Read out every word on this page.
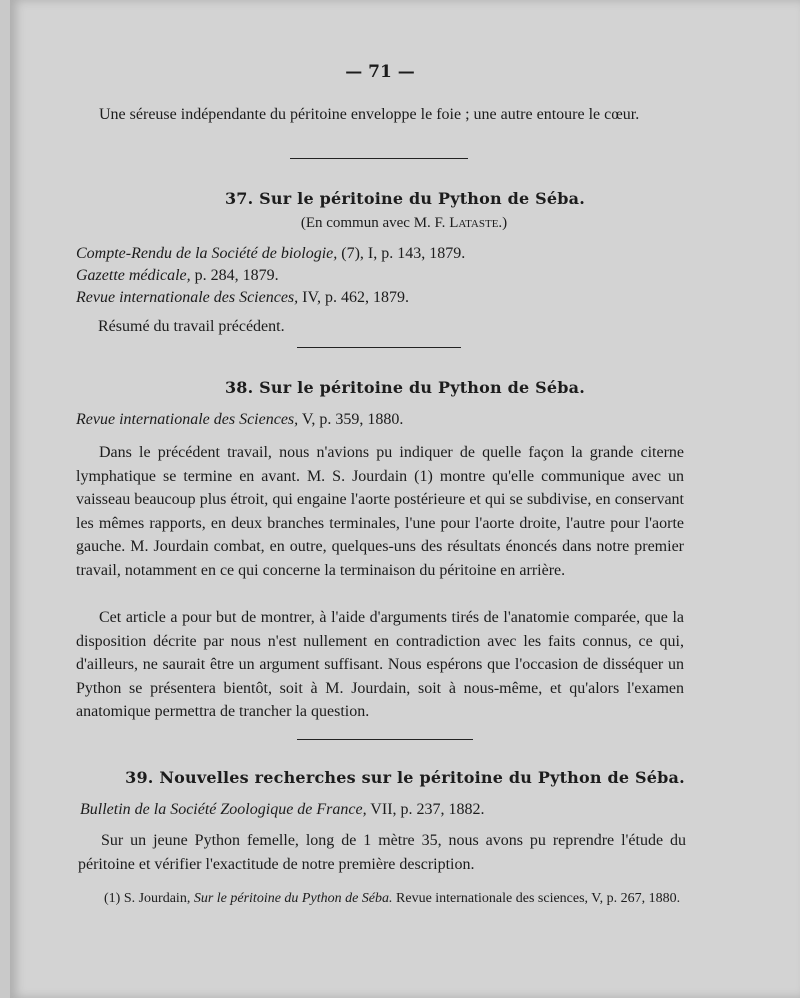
— 71 —

Une séreuse indépendante du péritoine enveloppe le foie ; une autre entoure le cœur.

37. Sur le péritoine du Python de Séba.
(En commun avec M. F. Lataste.)
Compte-Rendu de la Société de biologie, (7), I, p. 143, 1879.
Gazette médicale, p. 284, 1879.
Revue internationale des Sciences, IV, p. 462, 1879.
Résumé du travail précédent.
38. Sur le péritoine du Python de Séba.
Revue internationale des Sciences, V, p. 359, 1880.

Dans le précédent travail, nous n'avions pu indiquer de quelle façon la grande citerne lymphatique se termine en avant. M. S. Jourdain (1) montre qu'elle communique avec un vaisseau beaucoup plus étroit, qui engaine l'aorte postérieure et qui se subdivise, en conservant les mêmes rapports, en deux branches terminales, l'une pour l'aorte droite, l'autre pour l'aorte gauche. M. Jourdain combat, en outre, quelques-uns des résultats énoncés dans notre premier travail, notamment en ce qui concerne la terminaison du péritoine en arrière.

Cet article a pour but de montrer, à l'aide d'arguments tirés de l'anatomie comparée, que la disposition décrite par nous n'est nullement en contradiction avec les faits connus, ce qui, d'ailleurs, ne saurait être un argument suffisant. Nous espérons que l'occasion de disséquer un Python se présentera bientôt, soit à M. Jourdain, soit à nous-même, et qu'alors l'examen anatomique permettra de trancher la question.

39. Nouvelles recherches sur le péritoine du Python de Séba.
Bulletin de la Société Zoologique de France, VII, p. 237, 1882.

Sur un jeune Python femelle, long de 1 mètre 35, nous avons pu reprendre l'étude du péritoine et vérifier l'exactitude de notre première description.

(1) S. Jourdain, Sur le péritoine du Python de Séba. Revue internationale des sciences, V, p. 267, 1880.
